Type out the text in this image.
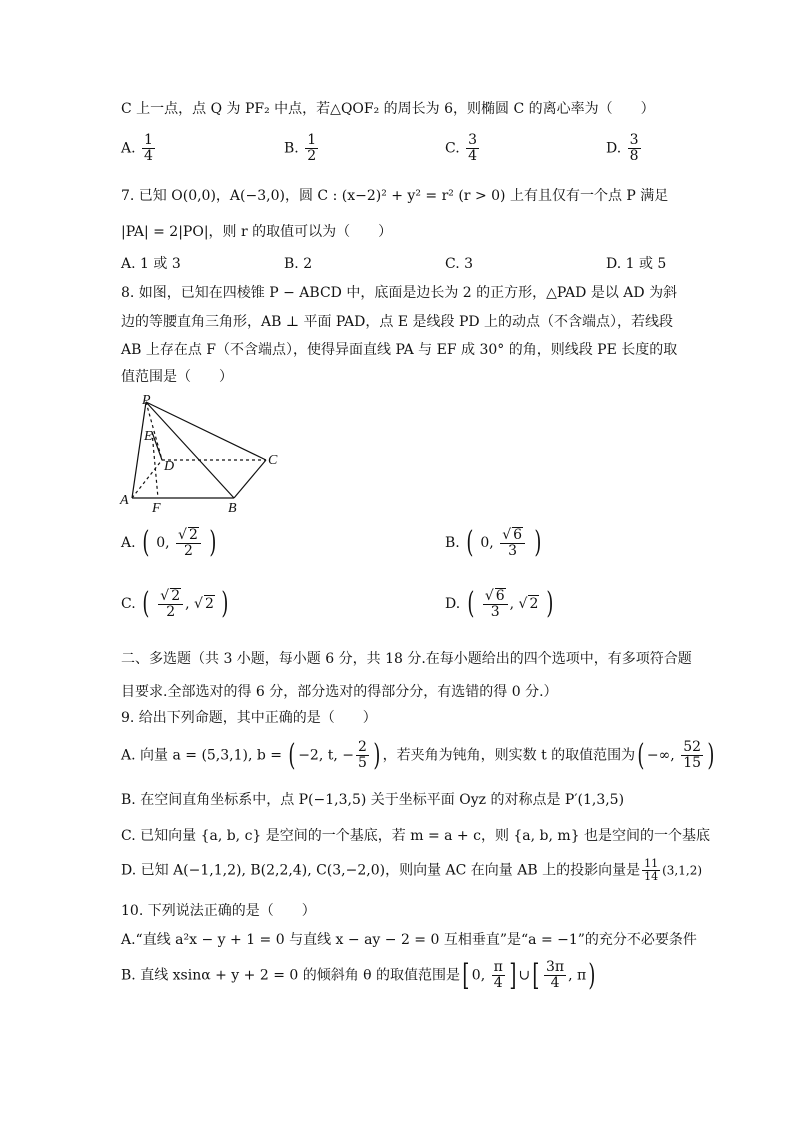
C 上一点，点 Q 为 PF₂ 中点，若△QOF₂ 的周长为 6，则椭圆 C 的离心率为（　　）
A. $\frac{1}{4}$	B. $\frac{1}{2}$	C. $\frac{3}{4}$	D. $\frac{3}{8}$
7. 已知 O(0,0)，A(−3,0)，圆 C : (x−2)² + y² = r² (r > 0) 上有且仅有一个点 P 满足
|PA| = 2|PO|，则 r 的取值可以为（　　）
A. 1 或 3	B. 2	C. 3	D. 1 或 5
8. 如图，已知在四棱锥 P − ABCD 中，底面是边长为 2 的正方形，△PAD 是以 AD 为斜
边的等腰直角三角形，AB ⊥ 平面 PAD，点 E 是线段 PD 上的动点（不含端点），若线段
AB 上存在点 F（不含端点），使得异面直线 PA 与 EF 成 30° 的角，则线段 PE 长度的取
值范围是（　　）
P
E
D	C
A
F	B
A. ( 0, $\frac{√ 2}{2}$ )	B. ( 0, $\frac{√ 6}{3}$ )
C. ( $\frac{√ 2}{2}$ , √ 2 )	D. ( $\frac{√ 6}{3}$ , √ 2 )
二、多选题（共 3 小题，每小题 6 分，共 18 分.在每小题给出的四个选项中，有多项符合题
目要求.全部选对的得 6 分，部分选对的得部分分，有选错的得 0 分.）
9. 给出下列命题，其中正确的是（　　）
A. 向量 a = (5,3,1), b = ( −2, t, − $\frac{2}{5}$ ) ，若夹角为钝角，则实数 t 的取值范围为( −∞, $\frac{52}{15}$ )
B. 在空间直角坐标系中，点 P(−1,3,5) 关于坐标平面 Oyz 的对称点是 P′(1,3,5)
C. 已知向量 {a, b, c} 是空间的一个基底，若 m = a + c，则 {a, b, m} 也是空间的一个基底
D. 已知 A(−1,1,2), B(2,2,4), C(3,−2,0)，则向量 AC 在向量 AB 上的投影向量是 $\frac{11}{14} (3,1,2)$
10. 下列说法正确的是（　　）
A.“直线 a²x − y + 1 = 0 与直线 x − ay − 2 = 0 互相垂直”是“a = −1”的充分不必要条件
B. 直线 xsinα + y + 2 = 0 的倾斜角 θ 的取值范围是[ 0, $\frac{\pi}{4}$ ] ∪[ $\frac{3\pi}{4}$ , π)
